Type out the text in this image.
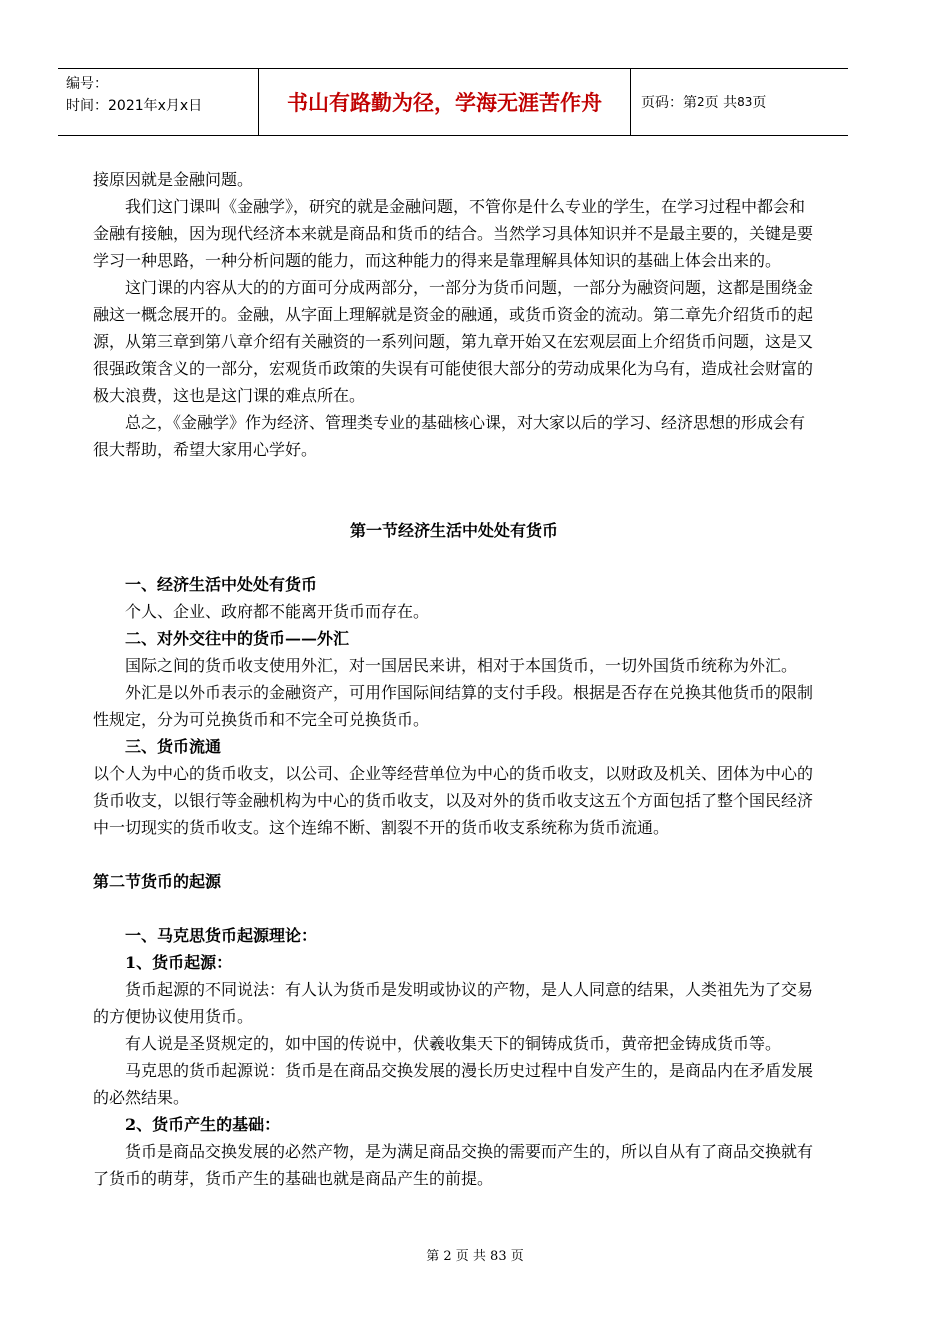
编号：
时间：2021年x月x日	书山有路勤为径，学海无涯苦作舟	页码：第 2 页 共 83 页

接原因就是金融问题。

我们这门课叫《金融学》，研究的就是金融问题，不管你是什么专业的学生，在学习过程中都会和金融有接触，因为现代经济本来就是商品和货币的结合。当然学习具体知识并不是最主要的，关键是要学习一种思路，一种分析问题的能力，而这种能力的得来是靠理解具体知识的基础上体会出来的。

这门课的内容从大的的方面可分成两部分，一部分为货币问题，一部分为融资问题，这都是围绕金融这一概念展开的。金融，从字面上理解就是资金的融通，或货币资金的流动。第二章先介绍货币的起源，从第三章到第八章介绍有关融资的一系列问题，第九章开始又在宏观层面上介绍货币问题，这是又很强政策含义的一部分，宏观货币政策的失误有可能使很大部分的劳动成果化为乌有，造成社会财富的极大浪费，这也是这门课的难点所在。

总之，《金融学》作为经济、管理类专业的基础核心课，对大家以后的学习、经济思想的形成会有很大帮助，希望大家用心学好。

第一节经济生活中处处有货币

一、经济生活中处处有货币

个人、企业、政府都不能离开货币而存在。

二、对外交往中的货币——外汇

国际之间的货币收支使用外汇，对一国居民来讲，相对于本国货币，一切外国货币统称为外汇。

外汇是以外币表示的金融资产，可用作国际间结算的支付手段。根据是否存在兑换其他货币的限制性规定，分为可兑换货币和不完全可兑换货币。

三、货币流通

以个人为中心的货币收支，以公司、企业等经营单位为中心的货币收支，以财政及机关、团体为中心的货币收支，以银行等金融机构为中心的货币收支，以及对外的货币收支这五个方面包括了整个国民经济中一切现实的货币收支。这个连绵不断、割裂不开的货币收支系统称为货币流通。

第二节货币的起源

一、马克思货币起源理论：

1、货币起源：

货币起源的不同说法：有人认为货币是发明或协议的产物，是人人同意的结果，人类祖先为了交易的方便协议使用货币。

有人说是圣贤规定的，如中国的传说中，伏羲收集天下的铜铸成货币，黄帝把金铸成货币等。

马克思的货币起源说：货币是在商品交换发展的漫长历史过程中自发产生的，是商品内在矛盾发展的必然结果。

2、货币产生的基础：

货币是商品交换发展的必然产物，是为满足商品交换的需要而产生的，所以自从有了商品交换就有了货币的萌芽，货币产生的基础也就是商品产生的前提。

第 2 页 共 83 页
